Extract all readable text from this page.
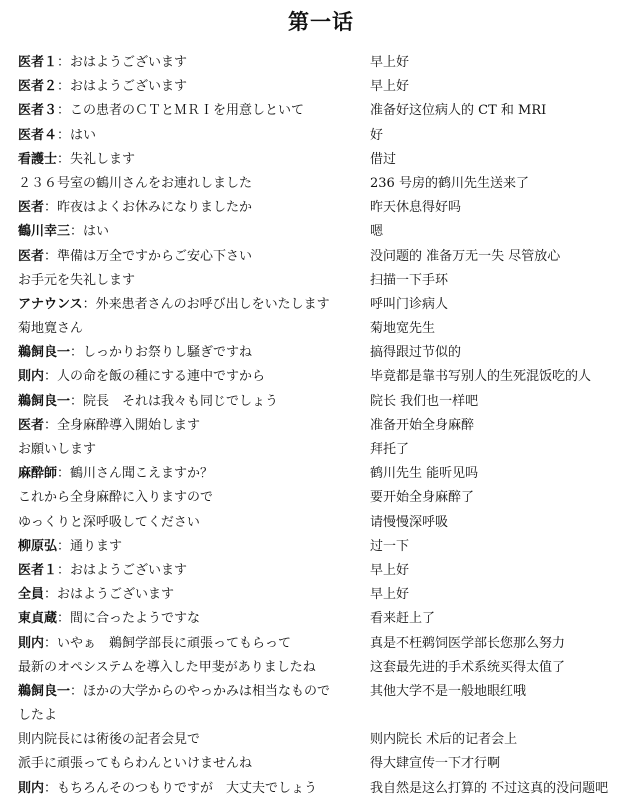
第一话
医者１：おはようございます	早上好
医者２：おはようございます	早上好
医者３：この患者のＣＴとＭＲＩを用意しといて	准备好这位病人的 CT 和 MRI
医者４：はい	好
看護士：失礼します	借过
２３６号室の鶴川さんをお連れしました	236 号房的鹤川先生送来了
医者：昨夜はよくお休みになりましたか	昨天休息得好吗
鶴川幸三：はい	嗯
医者：準備は万全ですからご安心下さい	没问题的 准备万无一失 尽管放心
お手元を失礼します	扫描一下手环
アナウンス：外来患者さんのお呼び出しをいたします	呼叫门诊病人
菊地寛さん	菊地宽先生
鵜飼良一：しっかりお祭りし騒ぎですね	搞得跟过节似的
則内：人の命を飯の種にする連中ですから	毕竟都是靠书写别人的生死混饭吃的人
鵜飼良一：院長　それは我々も同じでしょう	院长 我们也一样吧
医者：全身麻酔導入開始します	准备开始全身麻醉
お願いします	拜托了
麻酔師：鶴川さん聞こえますか？	鹤川先生 能听见吗
これから全身麻酔に入りますので	要开始全身麻醉了
ゆっくりと深呼吸してください	请慢慢深呼吸
柳原弘：通ります	过一下
医者１：おはようございます	早上好
全員：おはようございます	早上好
東貞蔵：間に合ったようですな	看来赶上了
則内：いやぁ　鵜飼学部長に頑張ってもらって	真是不枉鹈饲医学部长您那么努力
最新のオペシステムを導入した甲斐がありましたね	这套最先进的手术系统买得太值了
鵜飼良一：ほかの大学からのやっかみは相当なもので	其他大学不是一般地眼红哦
したよ
則内院長には術後の記者会見で	则内院长 术后的记者会上
派手に頑張ってもらわんといけませんね	得大肆宣传一下才行啊
則内：もちろんそのつもりですが　大丈夫でしょう	我自然是这么打算的 不过这真的没问题吧
